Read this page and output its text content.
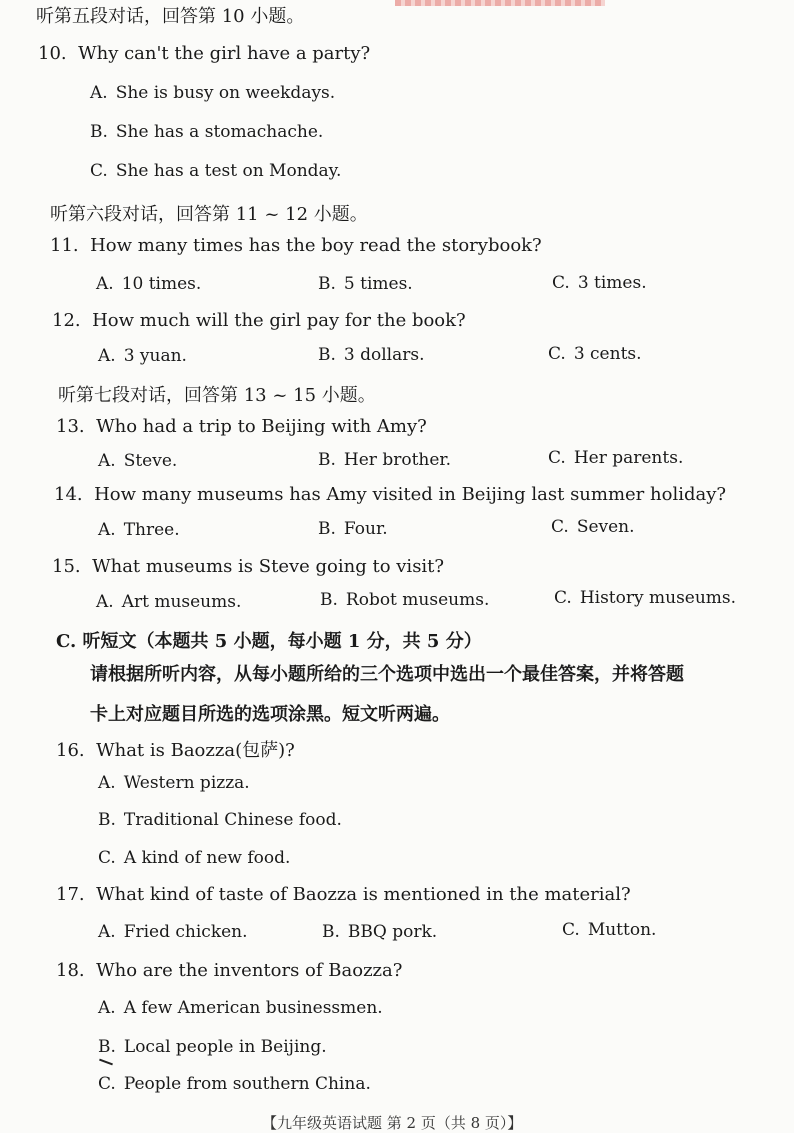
听第五段对话，回答第 10 小题。
10. Why can't the girl have a party?
A. She is busy on weekdays.
B. She has a stomachache.
C. She has a test on Monday.
听第六段对话，回答第 11 ~ 12 小题。
11. How many times has the boy read the storybook?
A. 10 times.	B. 5 times.	C. 3 times.
12. How much will the girl pay for the book?
A. 3 yuan.	B. 3 dollars.	C. 3 cents.
听第七段对话，回答第 13 ~ 15 小题。
13. Who had a trip to Beijing with Amy?
A. Steve.	B. Her brother.	C. Her parents.
14. How many museums has Amy visited in Beijing last summer holiday?
A. Three.	B. Four.	C. Seven.
15. What museums is Steve going to visit?
A. Art museums.	B. Robot museums.	C. History museums.
C. 听短文（本题共 5 小题，每小题 1 分，共 5 分）
请根据所听内容，从每小题所给的三个选项中选出一个最佳答案，并将答题
卡上对应题目所选的选项涂黑。短文听两遍。
16. What is Baozza(包萨)?
A. Western pizza.
B. Traditional Chinese food.
C. A kind of new food.
17. What kind of taste of Baozza is mentioned in the material?
A. Fried chicken.	B. BBQ pork.	C. Mutton.
18. Who are the inventors of Baozza?
A. A few American businessmen.
B. Local people in Beijing.
C. People from southern China.
【九年级英语试题 第 2 页（共 8 页）】
